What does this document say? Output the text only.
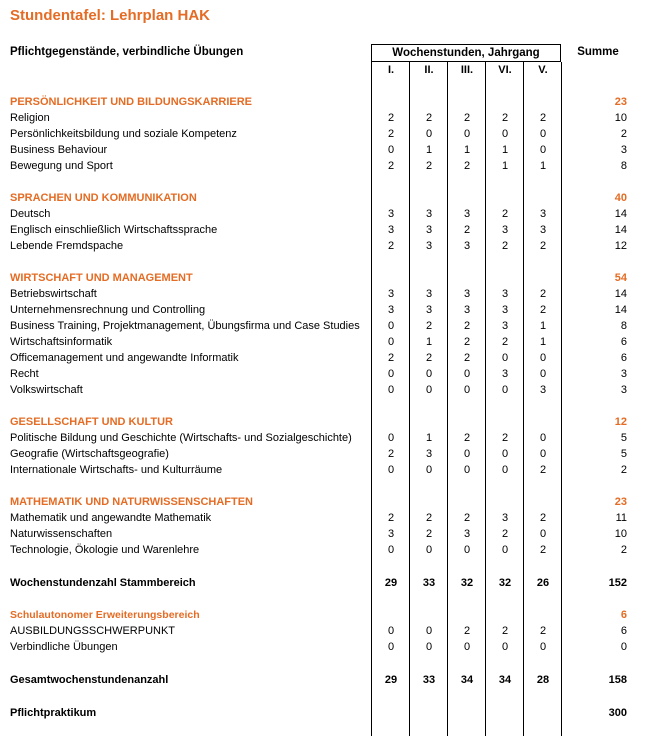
Stundentafel: Lehrplan HAK
Pflichtgegenstände, verbindliche Übungen	Wochenstunden, Jahrgang	Summe
I.	II.	III.	VI.	V.
PERSÖNLICHKEIT UND BILDUNGSKARRIERE	23
Religion	2	2	2	2	2	10
Persönlichkeitsbildung und soziale Kompetenz	2	0	0	0	0	2
Business Behaviour	0	1	1	1	0	3
Bewegung und Sport	2	2	2	1	1	8
SPRACHEN UND KOMMUNIKATION	40
Deutsch	3	3	3	2	3	14
Englisch einschließlich Wirtschaftssprache	3	3	2	3	3	14
Lebende Fremdspache	2	3	3	2	2	12
WIRTSCHAFT UND MANAGEMENT	54
Betriebswirtschaft	3	3	3	3	2	14
Unternehmensrechnung und Controlling	3	3	3	3	2	14
Business Training, Projektmanagement, Übungsfirma und Case Studies	0	2	2	3	1	8
Wirtschaftsinformatik	0	1	2	2	1	6
Officemanagement und angewandte Informatik	2	2	2	0	0	6
Recht	0	0	0	3	0	3
Volkswirtschaft	0	0	0	0	3	3
GESELLSCHAFT UND KULTUR	12
Politische Bildung und Geschichte (Wirtschafts- und Sozialgeschichte)	0	1	2	2	0	5
Geografie (Wirtschaftsgeografie)	2	3	0	0	0	5
Internationale Wirtschafts- und Kulturräume	0	0	0	0	2	2
MATHEMATIK UND NATURWISSENSCHAFTEN	23
Mathematik und angewandte Mathematik	2	2	2	3	2	11
Naturwissenschaften	3	2	3	2	0	10
Technologie, Ökologie und Warenlehre	0	0	0	0	2	2
Wochenstundenzahl Stammbereich	29	33	32	32	26	152
Schulautonomer Erweiterungsbereich	6
AUSBILDUNGSSCHWERPUNKT	0	0	2	2	2	6
Verbindliche Übungen	0	0	0	0	0	0
Gesamtwochenstundenanzahl	29	33	34	34	28	158
Pflichtpraktikum	300
